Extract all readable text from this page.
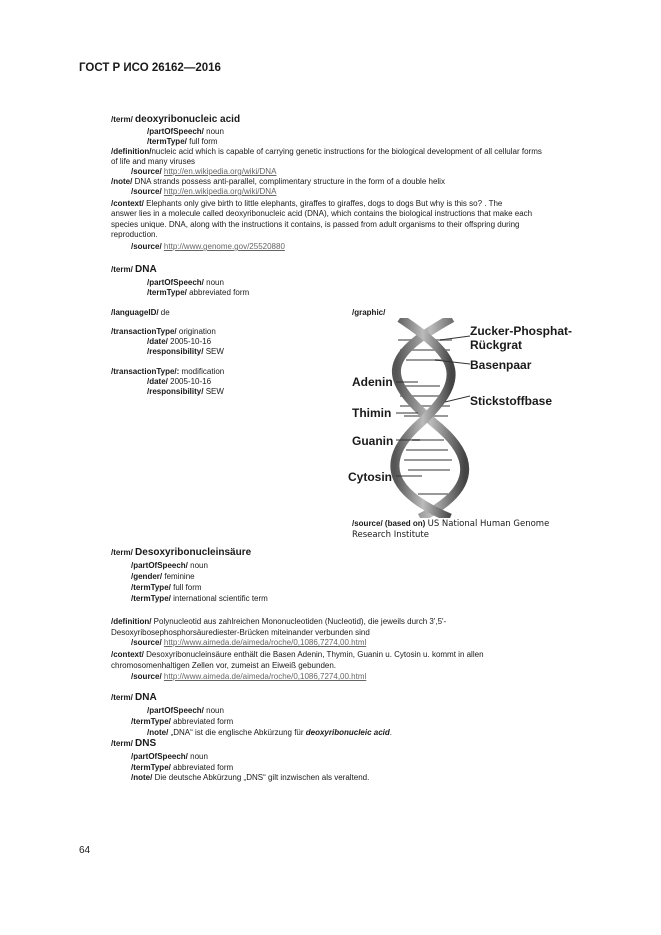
ГОСТ Р ИСО 26162—2016
/term/ deoxyribonucleic acid
/partOfSpeech/ noun
/termType/ full form
/definition/nucleic acid which is capable of carrying genetic instructions for the biological development of all cellular forms
of life and many viruses
/source/ http://en.wikipedia.org/wiki/DNA
/note/ DNA strands possess anti-parallel, complimentary structure in the form of a double helix
/source/ http://en.wikipedia.org/wiki/DNA
/context/ Elephants only give birth to little elephants, giraffes to giraffes, dogs to dogs But why is this so? . The
answer lies in a molecule called deoxyribonucleic acid (DNA), which contains the biological instructions that make each
species unique. DNA, along with the instructions it contains, is passed from adult organisms to their offspring during
reproduction.
/source/ http://www.genome.gov/25520880
/term/ DNA
/partOfSpeech/ noun
/termType/ abbreviated form
/languageID/ de
/transactionType/ origination
/date/ 2005-10-16
/responsibility/ SEW
/transactionType/: modification
/date/ 2005-10-16
/responsibility/ SEW
/graphic/
Zucker-Phosphat-
Rückgrat
Basenpaar
Stickstoffbase
Adenin
Thimin
Guanin
Cytosin
/source/ (based on) US National Human Genome
Research Institute
/term/ Desoxyribonucleinsäure
/partOfSpeech/ noun
/gender/ feminine
/termType/ full form
/termType/ international scientific term
/definition/ Polynucleotid aus zahlreichen Mononucleotiden (Nucleotid), die jeweils durch 3',5'-
Desoxyribosephosphorsäurediester-Brücken miteinander verbunden sind
/source/ http://www.aimeda.de/aimeda/roche/0,1086,7274,00.html
/context/ Desoxyribonucleinsäure enthält die Basen Adenin, Thymin, Guanin u. Cytosin u. kommt in allen
chromosomenhaltigen Zellen vor, zumeist an Eiweiß gebunden.
/source/ http://www.aimeda.de/aimeda/roche/0,1086,7274,00.html
/term/ DNA
/partOfSpeech/ noun
/termType/ abbreviated form
/note/ „DNA“ ist die englische Abkürzung für deoxyribonucleic acid.
/term/ DNS
/partOfSpeech/ noun
/termType/ abbreviated form
/note/ Die deutsche Abkürzung „DNS“ gilt inzwischen als veraltend.
64
